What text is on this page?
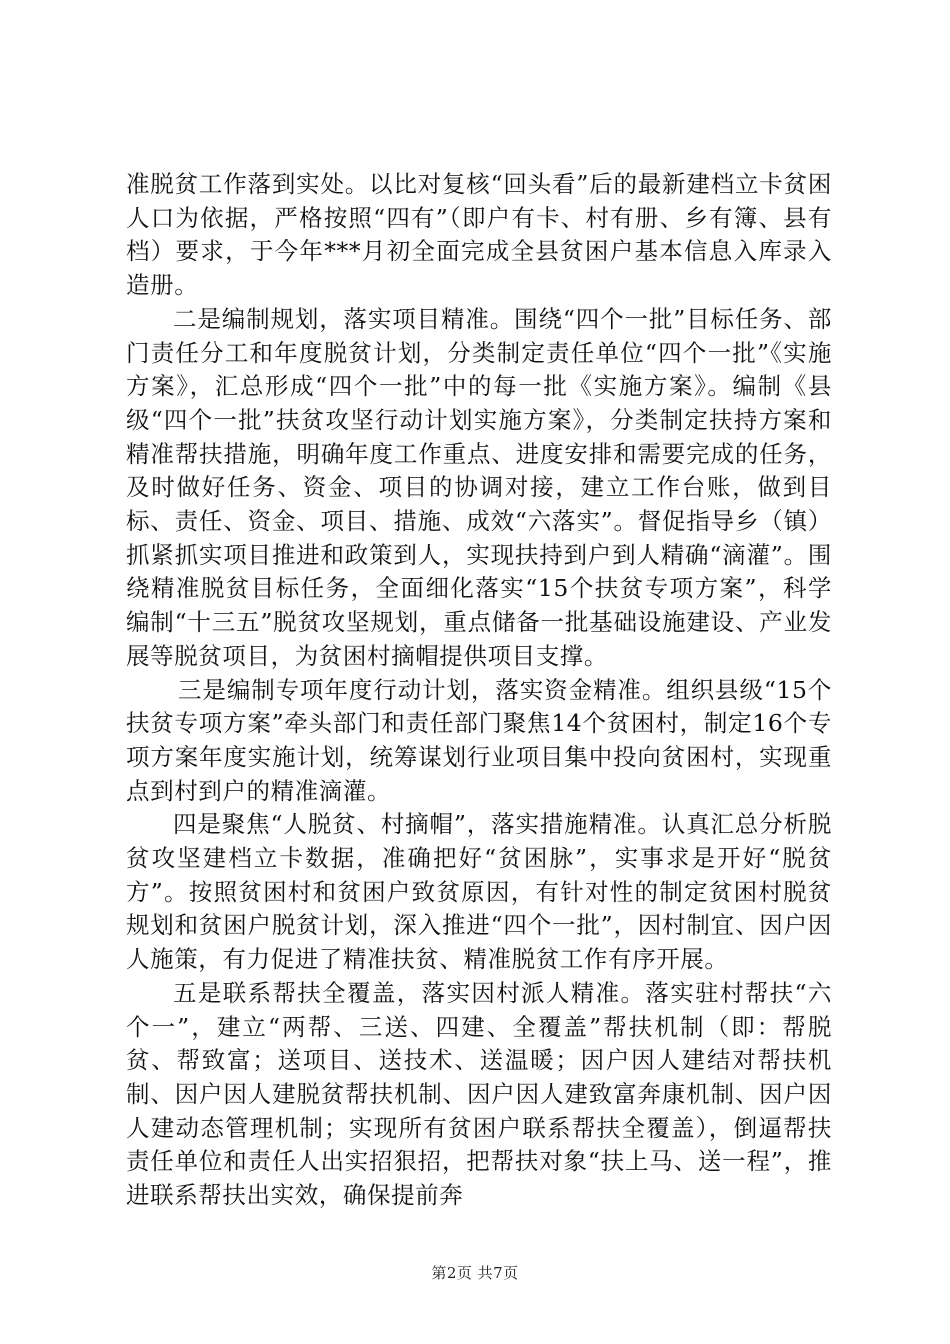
准脱贫工作落到实处。以比对复核“回头看”后的最新建档立卡贫困人口为依据，严格按照“四有”（即户有卡、村有册、乡有簿、县有档）要求，于今年***月初全面完成全县贫困户基本信息入库录入造册。

二是编制规划，落实项目精准。围绕“四个一批”目标任务、部门责任分工和年度脱贫计划，分类制定责任单位“四个一批”《实施方案》，汇总形成“四个一批”中的每一批《实施方案》。编制《县级“四个一批”扶贫攻坚行动计划实施方案》，分类制定扶持方案和精准帮扶措施，明确年度工作重点、进度安排和需要完成的任务，及时做好任务、资金、项目的协调对接，建立工作台账，做到目标、责任、资金、项目、措施、成效“六落实”。督促指导乡（镇）抓紧抓实项目推进和政策到人，实现扶持到户到人精确“滴灌”。围绕精准脱贫目标任务，全面细化落实“15个扶贫专项方案”，科学编制“十三五”脱贫攻坚规划，重点储备一批基础设施建设、产业发展等脱贫项目，为贫困村摘帽提供项目支撑。

三是编制专项年度行动计划，落实资金精准。组织县级“15个扶贫专项方案”牵头部门和责任部门聚焦14个贫困村，制定16个专项方案年度实施计划，统筹谋划行业项目集中投向贫困村，实现重点到村到户的精准滴灌。

四是聚焦“人脱贫、村摘帽”，落实措施精准。认真汇总分析脱贫攻坚建档立卡数据，准确把好“贫困脉”，实事求是开好“脱贫方”。按照贫困村和贫困户致贫原因，有针对性的制定贫困村脱贫规划和贫困户脱贫计划，深入推进“四个一批”，因村制宜、因户因人施策，有力促进了精准扶贫、精准脱贫工作有序开展。

五是联系帮扶全覆盖，落实因村派人精准。落实驻村帮扶“六个一”，建立“两帮、三送、四建、全覆盖”帮扶机制（即：帮脱贫、帮致富；送项目、送技术、送温暖；因户因人建结对帮扶机制、因户因人建脱贫帮扶机制、因户因人建致富奔康机制、因户因人建动态管理机制；实现所有贫困户联系帮扶全覆盖），倒逼帮扶责任单位和责任人出实招狠招，把帮扶对象“扶上马、送一程”，推进联系帮扶出实效，确保提前奔

第2页 共7页
